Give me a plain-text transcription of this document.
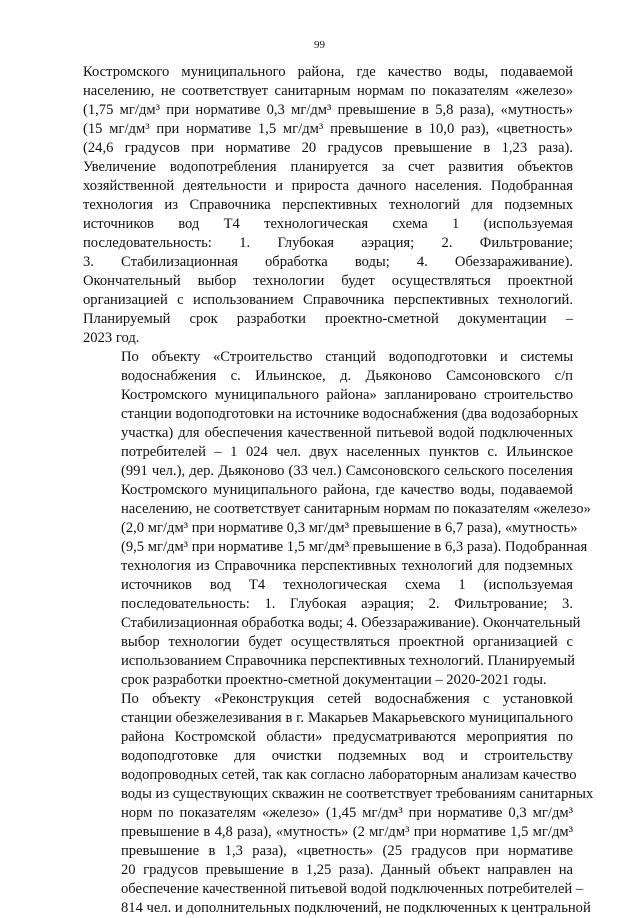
99

Костромского муниципального района, где качество воды, подаваемой
населению, не соответствует санитарным нормам по показателям «железо»
(1,75 мг/дм³ при нормативе 0,3 мг/дм³ превышение в 5,8 раза), «мутность»
(15 мг/дм³ при нормативе 1,5 мг/дм³ превышение в 10,0 раз), «цветность»
(24,6 градусов при нормативе 20 градусов превышение в 1,23 раза).
Увеличение водопотребления планируется за счет развития объектов
хозяйственной деятельности и прироста дачного населения. Подобранная
технология из Справочника перспективных технологий для подземных
источников вод Т4 технологическая схема 1 (используемая
последовательность: 1. Глубокая аэрация; 2. Фильтрование;
3. Стабилизационная обработка воды; 4. Обеззараживание).
Окончательный выбор технологии будет осуществляться проектной
организацией с использованием Справочника перспективных технологий.
Планируемый срок разработки проектно-сметной документации –
2023 год.

По объекту «Строительство станций водоподготовки и системы
водоснабжения с. Ильинское, д. Дьяконово Самсоновского с/п
Костромского муниципального района» запланировано строительство
станции водоподготовки на источнике водоснабжения (два водозаборных
участка) для обеспечения качественной питьевой водой подключенных
потребителей – 1 024 чел. двух населенных пунктов с. Ильинское
(991 чел.), дер. Дьяконово (33 чел.) Самсоновского сельского поселения
Костромского муниципального района, где качество воды, подаваемой
населению, не соответствует санитарным нормам по показателям «железо»
(2,0 мг/дм³ при нормативе 0,3 мг/дм³ превышение в 6,7 раза), «мутность»
(9,5 мг/дм³ при нормативе 1,5 мг/дм³ превышение в 6,3 раза). Подобранная
технология из Справочника перспективных технологий для подземных
источников вод Т4 технологическая схема 1 (используемая
последовательность: 1. Глубокая аэрация; 2. Фильтрование; 3.
Стабилизационная обработка воды; 4. Обеззараживание). Окончательный
выбор технологии будет осуществляться проектной организацией с
использованием Справочника перспективных технологий. Планируемый
срок разработки проектно-сметной документации – 2020-2021 годы.

По объекту «Реконструкция сетей водоснабжения с установкой
станции обезжелезивания в г. Макарьев Макарьевского муниципального
района Костромской области» предусматриваются мероприятия по
водоподготовке для очистки подземных вод и строительству
водопроводных сетей, так как согласно лабораторным анализам качество
воды из существующих скважин не соответствует требованиям санитарных
норм по показателям «железо» (1,45 мг/дм³ при нормативе 0,3 мг/дм³
превышение в 4,8 раза), «мутность» (2 мг/дм³ при нормативе 1,5 мг/дм³
превышение в 1,3 раза), «цветность» (25 градусов при нормативе
20 градусов превышение в 1,25 раза). Данный объект направлен на
обеспечение качественной питьевой водой подключенных потребителей –
814 чел. и дополнительных подключений, не подключенных к центральной
